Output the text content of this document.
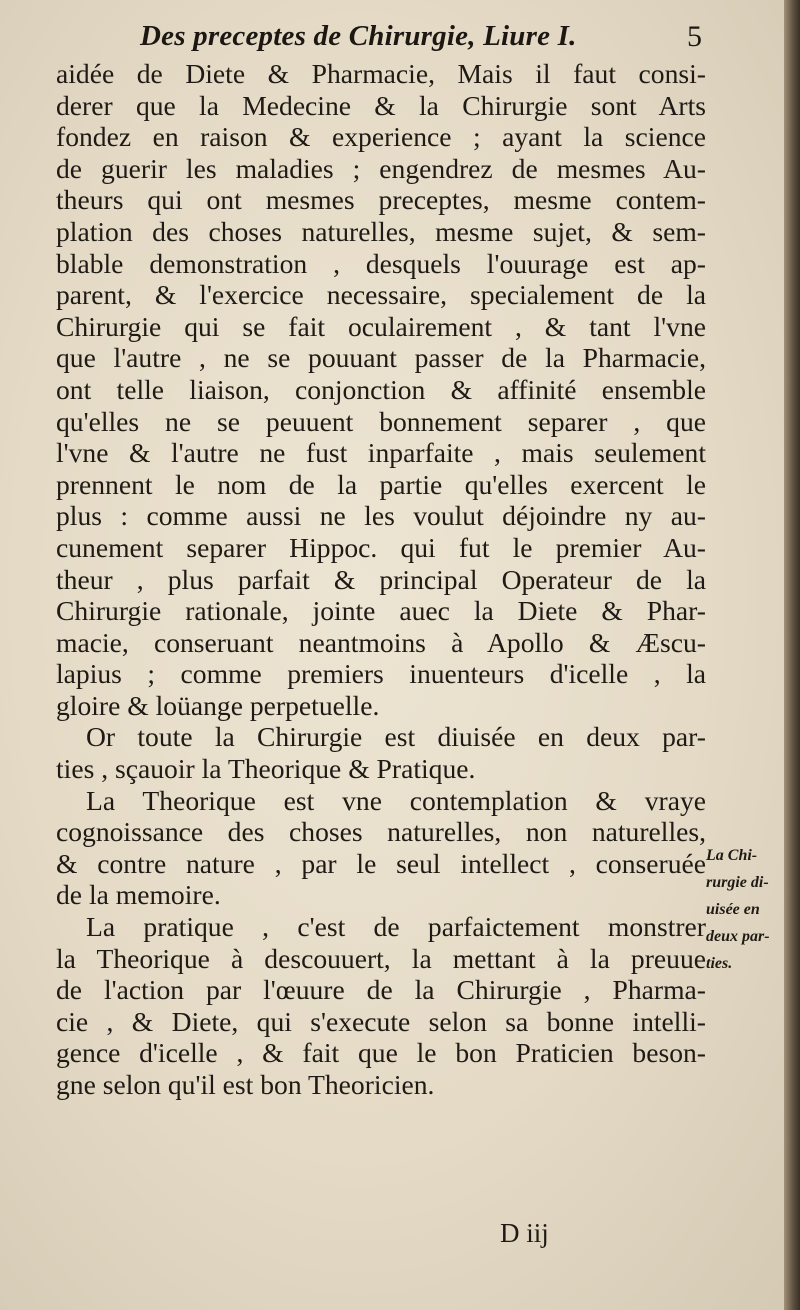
Des preceptes de Chirurgie, Liure I.	5
aidée de Diete & Pharmacie, Mais il faut consi-
derer que la Medecine & la Chirurgie sont Arts
fondez en raison & experience ; ayant la science
de guerir les maladies ; engendrez de mesmes Au-
theurs qui ont mesmes preceptes, mesme contem-
plation des choses naturelles, mesme sujet, & sem-
blable demonstration , desquels l'ouurage est ap-
parent, & l'exercice necessaire, specialement de la
Chirurgie qui se fait oculairement , & tant l'vne
que l'autre , ne se pouuant passer de la Pharmacie,
ont telle liaison, conjonction & affinité ensemble
qu'elles ne se peuuent bonnement separer , que
l'vne & l'autre ne fust inparfaite , mais seulement
prennent le nom de la partie qu'elles exercent le
plus : comme aussi ne les voulut déjoindre ny au-
cunement separer Hippoc. qui fut le premier Au-
theur , plus parfait & principal Operateur de la
Chirurgie rationale, jointe auec la Diete & Phar-
macie, conseruant neantmoins à Apollo & Æscu-
lapius ; comme premiers inuenteurs d'icelle , la
gloire & loüange perpetuelle.
Or toute la Chirurgie est diuisée en deux par-
ties , sçauoir la Theorique & Pratique.
La Theorique est vne contemplation & vraye
cognoissance des choses naturelles, non naturelles,
& contre nature , par le seul intellect , conseruée
de la memoire.
La pratique , c'est de parfaictement monstrer
la Theorique à descouuert, la mettant à la preuue
de l'action par l'œuure de la Chirurgie , Pharma-
cie , & Diete, qui s'execute selon sa bonne intelli-
gence d'icelle , & fait que le bon Praticien beson-
gne selon qu'il est bon Theoricien.
La Chi-
rurgie di-
uisée en
deux par-
ties.
D iij
